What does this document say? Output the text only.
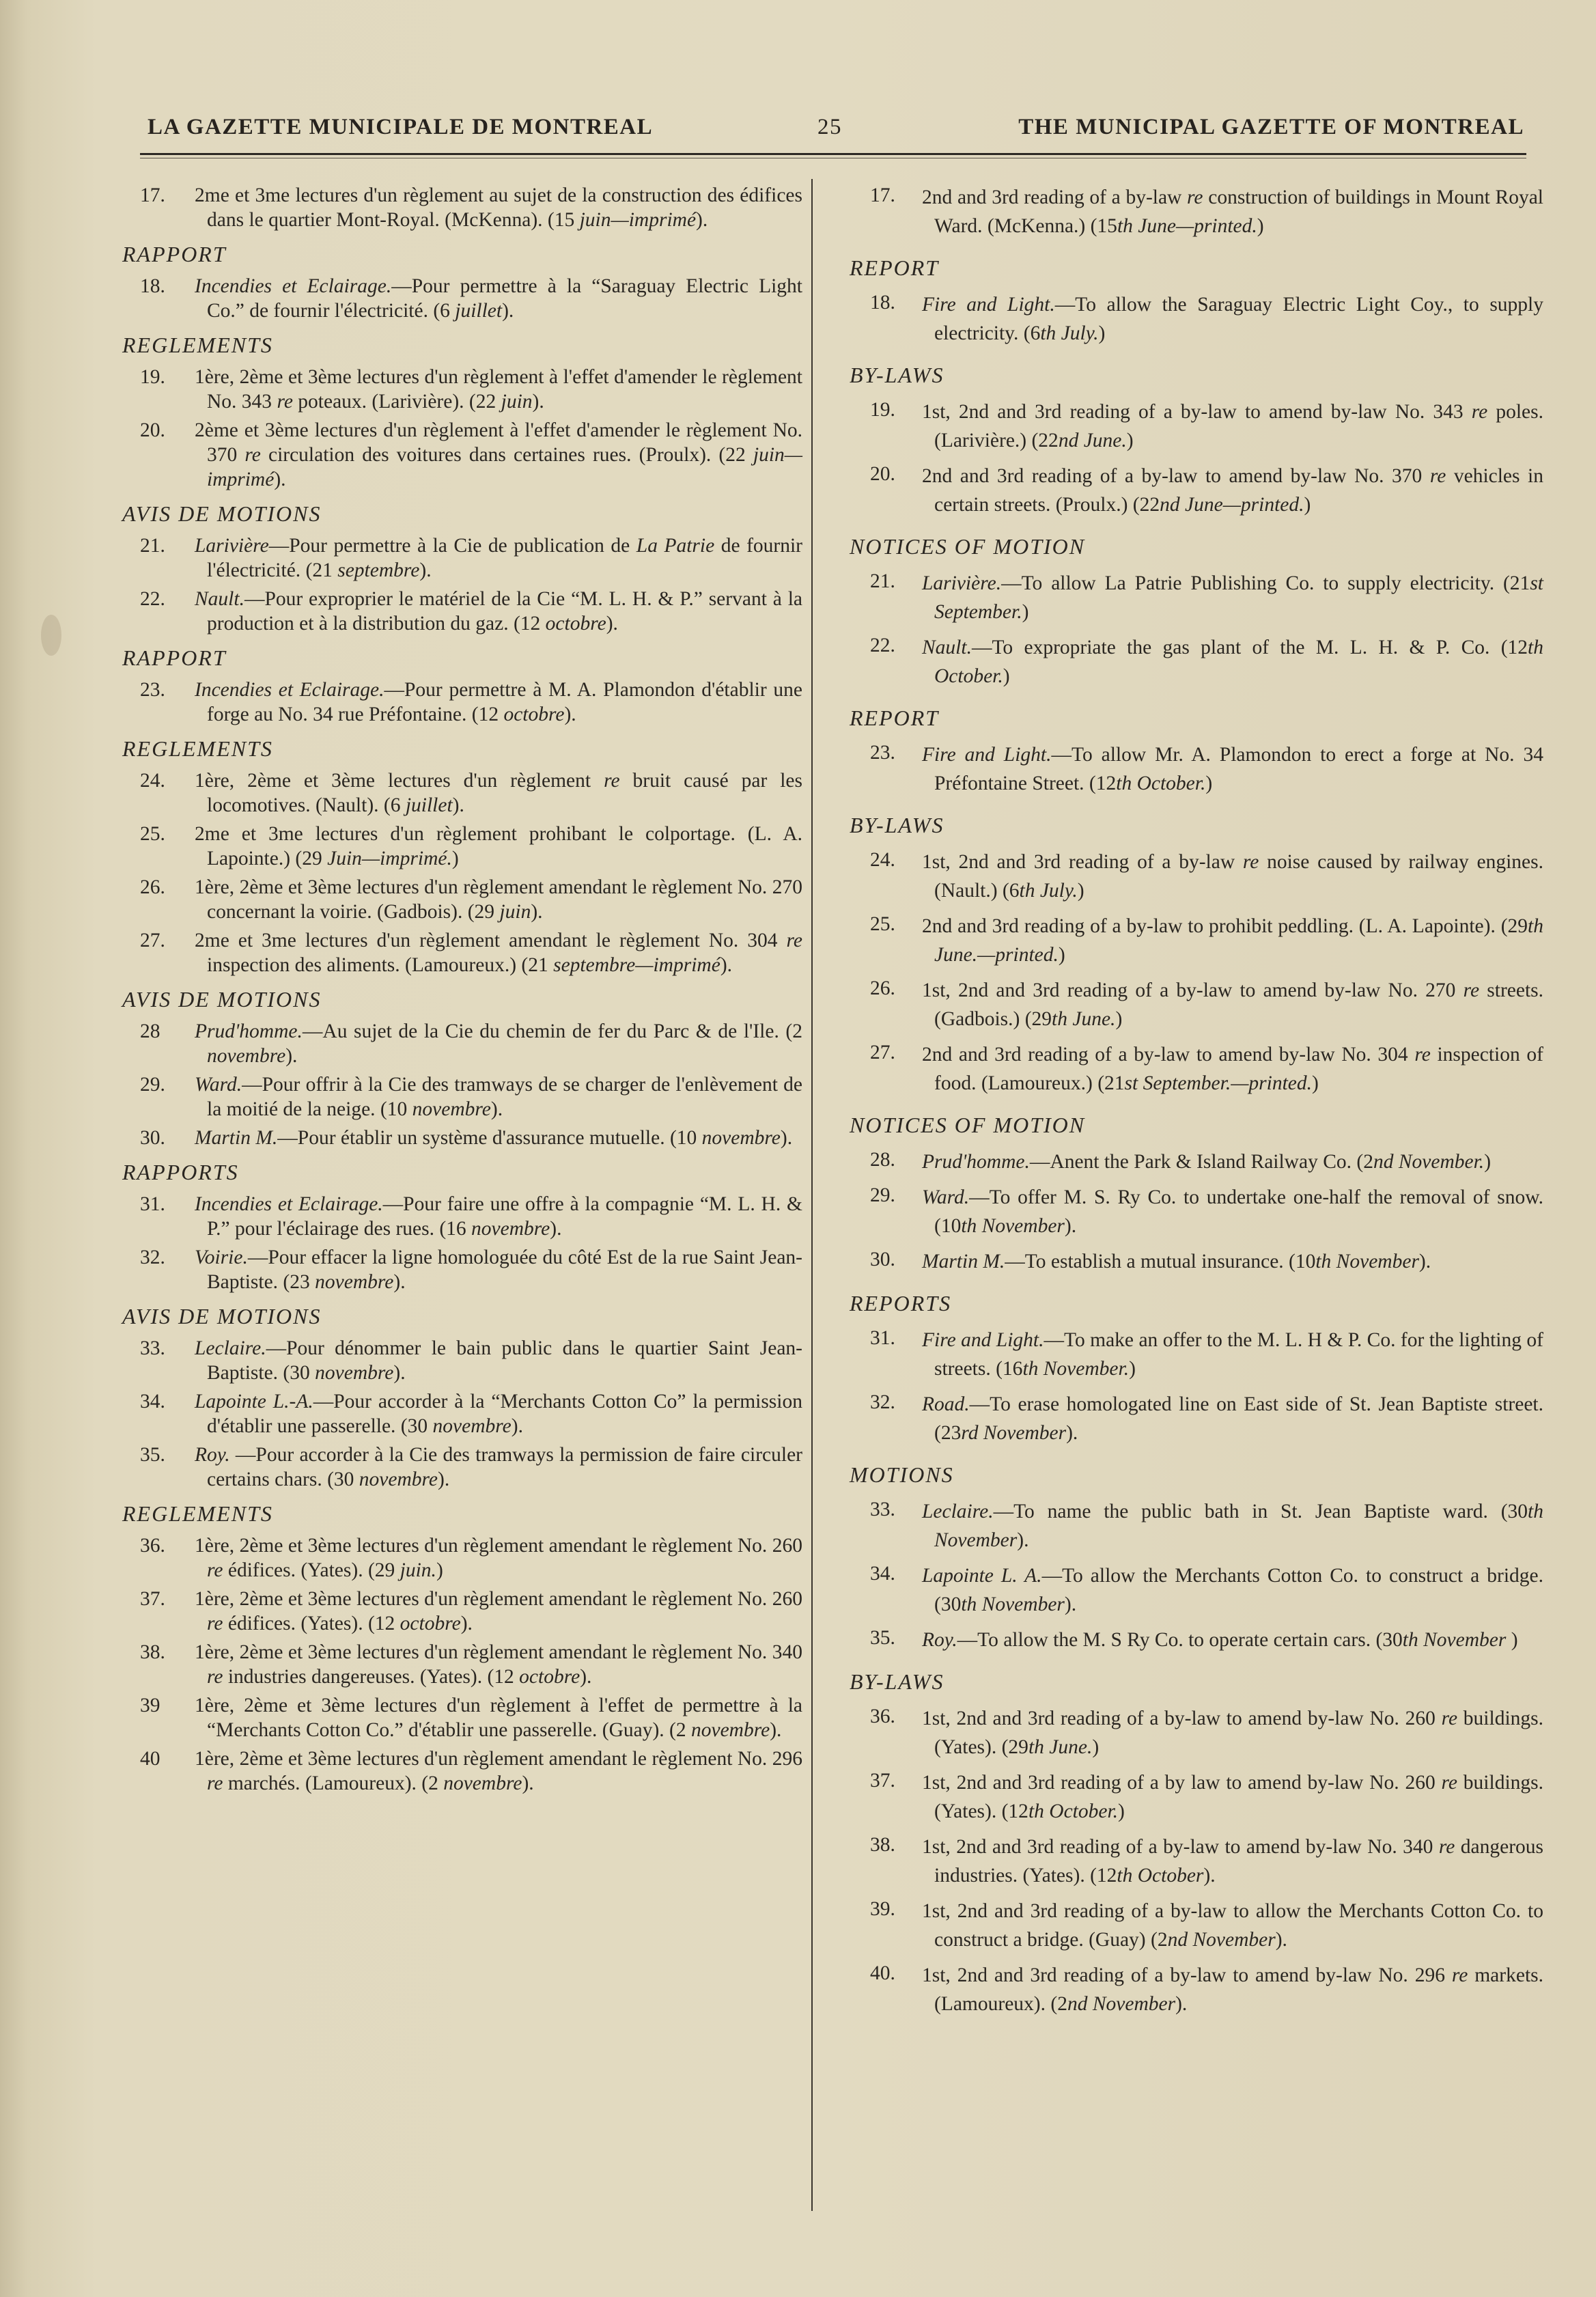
LA GAZETTE MUNICIPALE DE MONTREAL	25	THE MUNICIPAL GAZETTE OF MONTREAL
17. 2me et 3me lectures d'un règlement au sujet de la construction des édifices dans le quartier Mont-Royal. (McKenna). (15 juin—imprimé).
RAPPORT
18. Incendies et Eclairage.—Pour permettre à la “Saraguay Electric Light Co.” de fournir l'électricité. (6 juillet).
REGLEMENTS
19. 1ère, 2ème et 3ème lectures d'un règlement à l'effet d'amender le règlement No. 343 re poteaux. (Larivière). (22 juin).
20. 2ème et 3ème lectures d'un règlement à l'effet d'amender le règlement No. 370 re circulation des voitures dans certaines rues. (Proulx). (22 juin—imprimé).
AVIS DE MOTIONS
21. Larivière—Pour permettre à la Cie de publication de La Patrie de fournir l'électricité. (21 septembre).
22. Nault.—Pour exproprier le matériel de la Cie “M. L. H. & P.” servant à la production et à la distribution du gaz. (12 octobre).
RAPPORT
23. Incendies et Eclairage.—Pour permettre à M. A. Plamondon d'établir une forge au No. 34 rue Préfontaine. (12 octobre).
REGLEMENTS
24. 1ère, 2ème et 3ème lectures d'un règlement re bruit causé par les locomotives. (Nault). (6 juillet).
25. 2me et 3me lectures d'un règlement prohibant le colportage. (L. A. Lapointe.) (29 Juin—imprimé.)
26. 1ère, 2ème et 3ème lectures d'un règlement amendant le règlement No. 270 concernant la voirie. (Gadbois). (29 juin).
27. 2me et 3me lectures d'un règlement amendant le règlement No. 304 re inspection des aliments. (Lamoureux.) (21 septembre—imprimé).
AVIS DE MOTIONS
28 Prud'homme.—Au sujet de la Cie du chemin de fer du Parc & de l'Ile. (2 novembre).
29. Ward.—Pour offrir à la Cie des tramways de se charger de l'enlèvement de la moitié de la neige. (10 novembre).
30. Martin M.—Pour établir un système d'assurance mutuelle. (10 novembre).
RAPPORTS
31. Incendies et Eclairage.—Pour faire une offre à la compagnie “M. L. H. & P.” pour l'éclairage des rues. (16 novembre).
32. Voirie.—Pour effacer la ligne homologuée du côté Est de la rue Saint Jean-Baptiste. (23 novembre).
AVIS DE MOTIONS
33. Leclaire.—Pour dénommer le bain public dans le quartier Saint Jean-Baptiste. (30 novembre).
34. Lapointe L.-A.—Pour accorder à la “Merchants Cotton Co” la permission d'établir une passerelle. (30 novembre).
35. Roy. —Pour accorder à la Cie des tramways la permission de faire circuler certains chars. (30 novembre).
REGLEMENTS
36. 1ère, 2ème et 3ème lectures d'un règlement amendant le règlement No. 260 re édifices. (Yates). (29 juin.)
37. 1ère, 2ème et 3ème lectures d'un règlement amendant le règlement No. 260 re édifices. (Yates). (12 octobre).
38. 1ère, 2ème et 3ème lectures d'un règlement amendant le règlement No. 340 re industries dangereuses. (Yates). (12 octobre).
39 1ère, 2ème et 3ème lectures d'un règlement à l'effet de permettre à la “Merchants Cotton Co.” d'établir une passerelle. (Guay). (2 novembre).
40 1ère, 2ème et 3ème lectures d'un règlement amendant le règlement No. 296 re marchés. (Lamoureux). (2 novembre).
17. 2nd and 3rd reading of a by-law re construction of buildings in Mount Royal Ward. (McKenna.) (15th June—printed.)
REPORT
18. Fire and Light.—To allow the Saraguay Electric Light Coy., to supply electricity. (6th July.)
BY-LAWS
19. 1st, 2nd and 3rd reading of a by-law to amend by-law No. 343 re poles. (Larivière.) (22nd June.)
20. 2nd and 3rd reading of a by-law to amend by-law No. 370 re vehicles in certain streets. (Proulx.) (22nd June—printed.)
NOTICES OF MOTION
21. Larivière.—To allow La Patrie Publishing Co. to supply electricity. (21st September.)
22. Nault.—To expropriate the gas plant of the M. L. H. & P. Co. (12th October.)
REPORT
23. Fire and Light.—To allow Mr. A. Plamondon to erect a forge at No. 34 Préfontaine Street. (12th October.)
BY-LAWS
24. 1st, 2nd and 3rd reading of a by-law re noise caused by railway engines. (Nault.) (6th July.)
25. 2nd and 3rd reading of a by-law to prohibit peddling. (L. A. Lapointe). (29th June.—printed.)
26. 1st, 2nd and 3rd reading of a by-law to amend by-law No. 270 re streets. (Gadbois.) (29th June.)
27. 2nd and 3rd reading of a by-law to amend by-law No. 304 re inspection of food. (Lamoureux.) (21st September.—printed.)
NOTICES OF MOTION
28. Prud'homme.—Anent the Park & Island Railway Co. (2nd November.)
29. Ward.—To offer M. S. Ry Co. to undertake one-half the removal of snow. (10th November).
30. Martin M.—To establish a mutual insurance. (10th November).
REPORTS
31. Fire and Light.—To make an offer to the M. L. H & P. Co. for the lighting of streets. (16th November.)
32. Road.—To erase homologated line on East side of St. Jean Baptiste street. (23rd November).
MOTIONS
33. Leclaire.—To name the public bath in St. Jean Baptiste ward. (30th November).
34. Lapointe L. A.—To allow the Merchants Cotton Co. to construct a bridge. (30th November).
35. Roy.—To allow the M. S Ry Co. to operate certain cars. (30th November )
BY-LAWS
36. 1st, 2nd and 3rd reading of a by-law to amend by-law No. 260 re buildings. (Yates). (29th June.)
37. 1st, 2nd and 3rd reading of a by law to amend by-law No. 260 re buildings. (Yates). (12th October.)
38. 1st, 2nd and 3rd reading of a by-law to amend by-law No. 340 re dangerous industries. (Yates). (12th October).
39. 1st, 2nd and 3rd reading of a by-law to allow the Merchants Cotton Co. to construct a bridge. (Guay) (2nd November).
40. 1st, 2nd and 3rd reading of a by-law to amend by-law No. 296 re markets. (Lamoureux). (2nd November).
